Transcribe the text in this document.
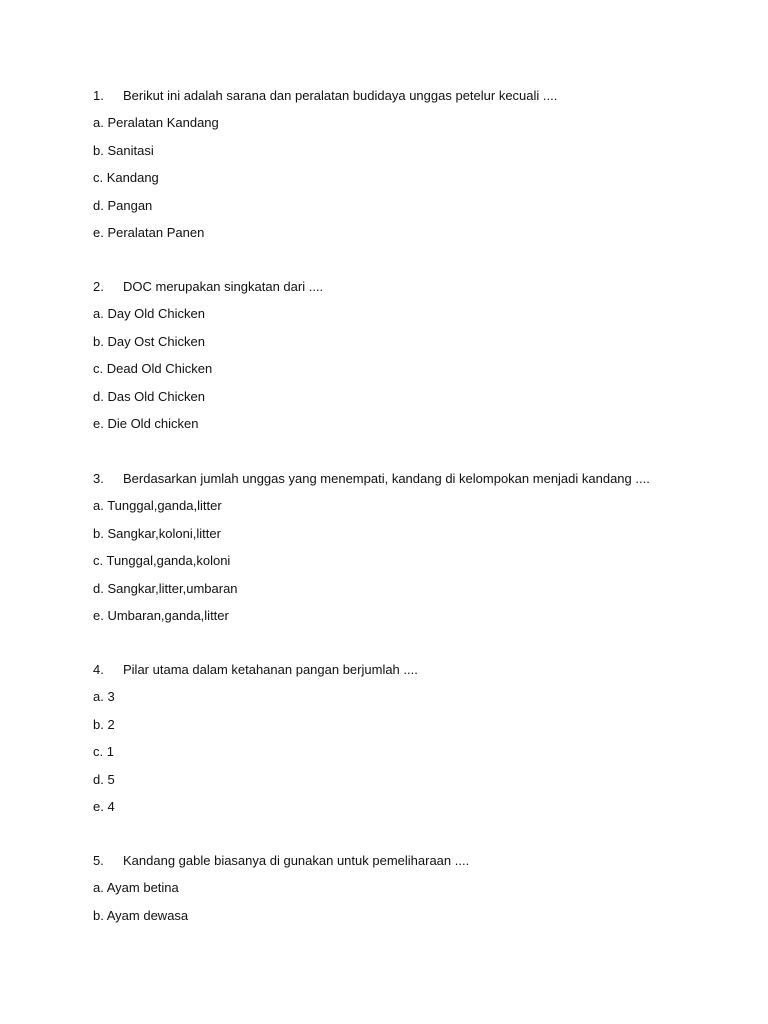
1.	Berikut ini adalah sarana dan peralatan budidaya unggas petelur kecuali ....
a. Peralatan Kandang
b. Sanitasi
c. Kandang
d. Pangan
e. Peralatan Panen
2.	DOC merupakan singkatan dari ....
a. Day Old Chicken
b. Day Ost Chicken
c. Dead Old Chicken
d. Das Old Chicken
e. Die Old chicken
3.	Berdasarkan jumlah unggas yang menempati, kandang di kelompokan menjadi kandang ....
a. Tunggal,ganda,litter
b. Sangkar,koloni,litter
c. Tunggal,ganda,koloni
d. Sangkar,litter,umbaran
e. Umbaran,ganda,litter
4.	Pilar utama dalam ketahanan pangan berjumlah ....
a. 3
b. 2
c. 1
d. 5
e. 4
5.	Kandang gable biasanya di gunakan untuk pemeliharaan ....
a. Ayam betina
b. Ayam dewasa
